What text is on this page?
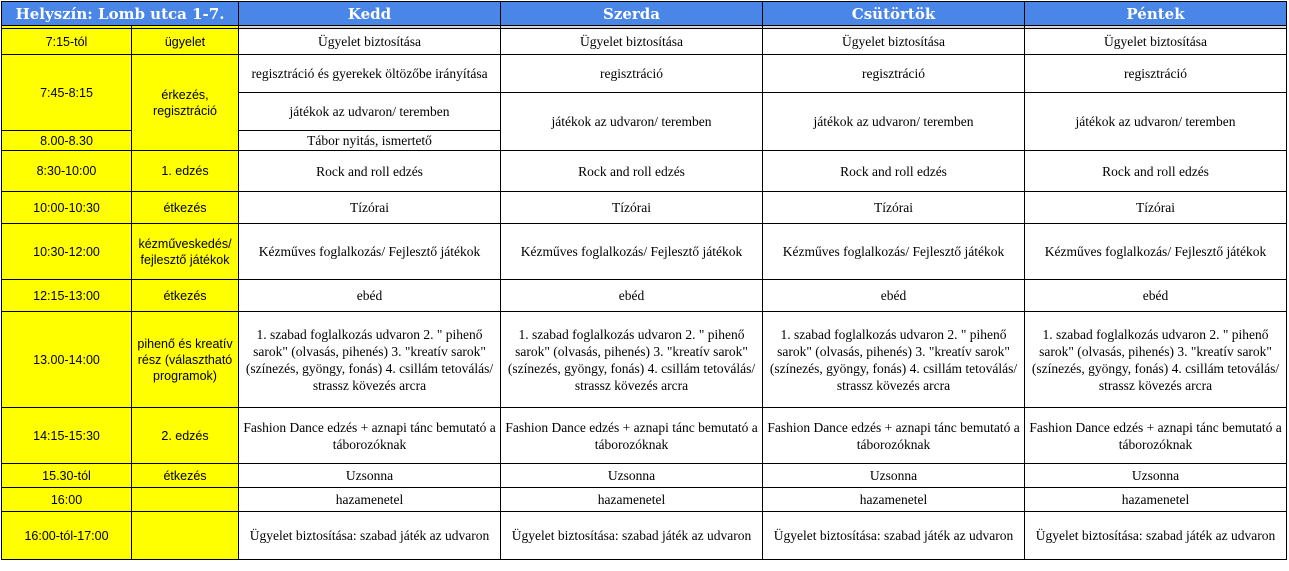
Helyszín: Lomb utca 1-7.		Kedd	Szerda	Csütörtök	Péntek

7:15-tól	ügyelet	Ügyelet biztosítása	Ügyelet biztosítása	Ügyelet biztosítása	Ügyelet biztosítása
7:45-8:15	érkezés, regisztráció	regisztráció és gyerekek öltözőbe irányítása	regisztráció	regisztráció	regisztráció
		játékok az udvaron/ teremben	játékok az udvaron/ teremben	játékok az udvaron/ teremben	játékok az udvaron/ teremben
8.00-8.30		Tábor nyitás, ismertető			
8:30-10:00	1. edzés	Rock and roll edzés	Rock and roll edzés	Rock and roll edzés	Rock and roll edzés
10:00-10:30	étkezés	Tízórai	Tízórai	Tízórai	Tízórai
10:30-12:00	kézműveskedés/ fejlesztő játékok	Kézműves foglalkozás/ Fejlesztő játékok	Kézműves foglalkozás/ Fejlesztő játékok	Kézműves foglalkozás/ Fejlesztő játékok	Kézműves foglalkozás/ Fejlesztő játékok
12:15-13:00	étkezés	ebéd	ebéd	ebéd	ebéd
13.00-14:00	pihenő és kreatív rész (választható programok)	1. szabad foglalkozás udvaron 2. " pihenő sarok" (olvasás, pihenés) 3. "kreatív sarok" (színezés, gyöngy, fonás) 4. csillám tetoválás/ strassz kövezés arcra	1. szabad foglalkozás udvaron 2. " pihenő sarok" (olvasás, pihenés) 3. "kreatív sarok" (színezés, gyöngy, fonás) 4. csillám tetoválás/ strassz kövezés arcra	1. szabad foglalkozás udvaron 2. " pihenő sarok" (olvasás, pihenés) 3. "kreatív sarok" (színezés, gyöngy, fonás) 4. csillám tetoválás/ strassz kövezés arcra	1. szabad foglalkozás udvaron 2. " pihenő sarok" (olvasás, pihenés) 3. "kreatív sarok" (színezés, gyöngy, fonás) 4. csillám tetoválás/ strassz kövezés arcra
14:15-15:30	2. edzés	Fashion Dance edzés + aznapi tánc bemutató a táborozóknak	Fashion Dance edzés + aznapi tánc bemutató a táborozóknak	Fashion Dance edzés + aznapi tánc bemutató a táborozóknak	Fashion Dance edzés + aznapi tánc bemutató a táborozóknak
15.30-tól	étkezés	Uzsonna	Uzsonna	Uzsonna	Uzsonna
16:00		hazamenetel	hazamenetel	hazamenetel	hazamenetel
16:00-tól-17:00		Ügyelet biztosítása: szabad játék az udvaron	Ügyelet biztosítása: szabad játék az udvaron	Ügyelet biztosítása: szabad játék az udvaron	Ügyelet biztosítása: szabad játék az udvaron
